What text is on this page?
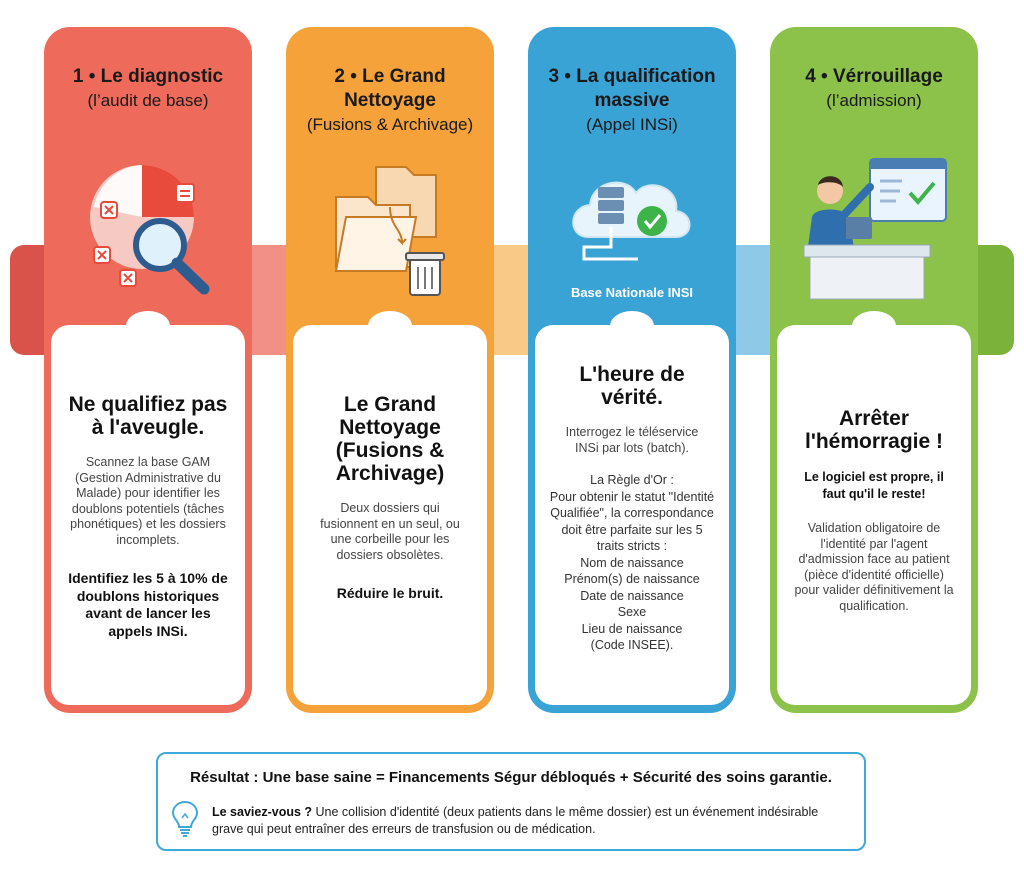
1 • Le diagnostic
(l’audit de base)
Ne qualifiez pas à l'aveugle.
Scannez la base GAM (Gestion Administrative du Malade) pour identifier les doublons potentiels (tâches phonétiques) et les dossiers incomplets.
Identifiez les 5 à 10% de doublons historiques avant de lancer les appels INSi.
2 • Le Grand
Nettoyage
(Fusions & Archivage)
Le Grand Nettoyage (Fusions & Archivage)
Deux dossiers qui fusionnent en un seul, ou une corbeille pour les dossiers obsolètes.
Réduire le bruit.
3 • La qualification
massive
(Appel INSi)
Base Nationale INSI
L'heure de vérité.
Interrogez le téléservice INSi par lots (batch).
La Règle d'Or :
Pour obtenir le statut "Identité Qualifiée", la correspondance doit être parfaite sur les 5 traits stricts :
Nom de naissance
Prénom(s) de naissance
Date de naissance
Sexe
Lieu de naissance
(Code INSEE).
4 • Vérrouillage
(l’admission)
Arrêter l'hémorragie !
Le logiciel est propre, il faut qu'il le reste!
Validation obligatoire de l'identité par l'agent d'admission face au patient (pièce d'identité officielle) pour valider définitivement la qualification.
Résultat : Une base saine = Financements Ségur débloqués + Sécurité des soins garantie.
Le saviez-vous ? Une collision d'identité (deux patients dans le même dossier) est un événement indésirable grave qui peut entraîner des erreurs de transfusion ou de médication.
